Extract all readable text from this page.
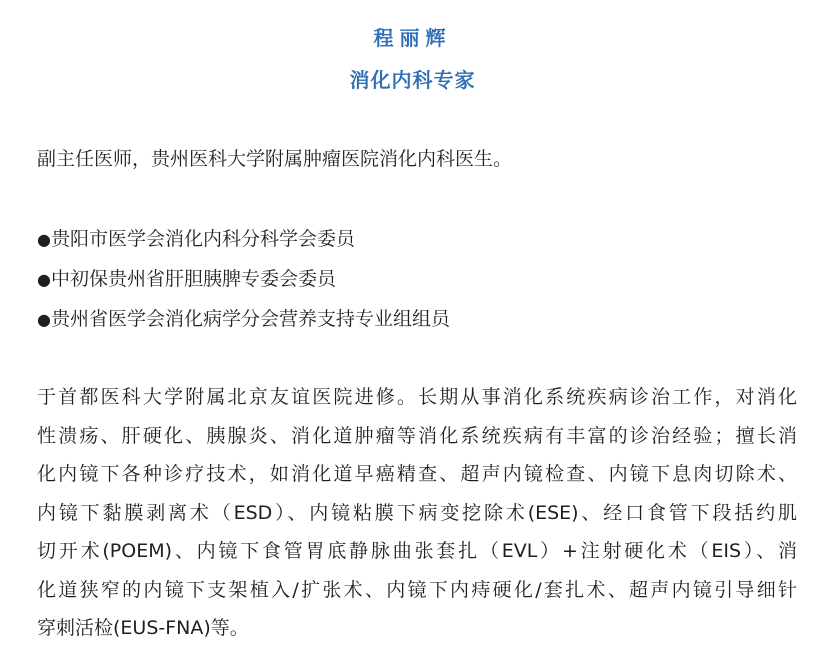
程丽辉
消化内科专家

副主任医师，贵州医科大学附属肿瘤医院消化内科医生。

●贵阳市医学会消化内科分科学会委员
●中初保贵州省肝胆胰脾专委会委员
●贵州省医学会消化病学分会营养支持专业组组员
于首都医科大学附属北京友谊医院进修。长期从事消化系统疾病诊治工作，对消化
性溃疡、肝硬化、胰腺炎、消化道肿瘤等消化系统疾病有丰富的诊治经验；擅长消
化内镜下各种诊疗技术，如消化道早癌精查、超声内镜检查、内镜下息肉切除术、
内镜下黏膜剥离术（ESD）、内镜粘膜下病变挖除术(ESE)、经口食管下段括约肌
切开术(POEM)、内镜下食管胃底静脉曲张套扎（EVL）+注射硬化术（EIS）、消
化道狭窄的内镜下支架植入/扩张术、内镜下内痔硬化/套扎术、超声内镜引导细针
穿刺活检(EUS-FNA)等。
